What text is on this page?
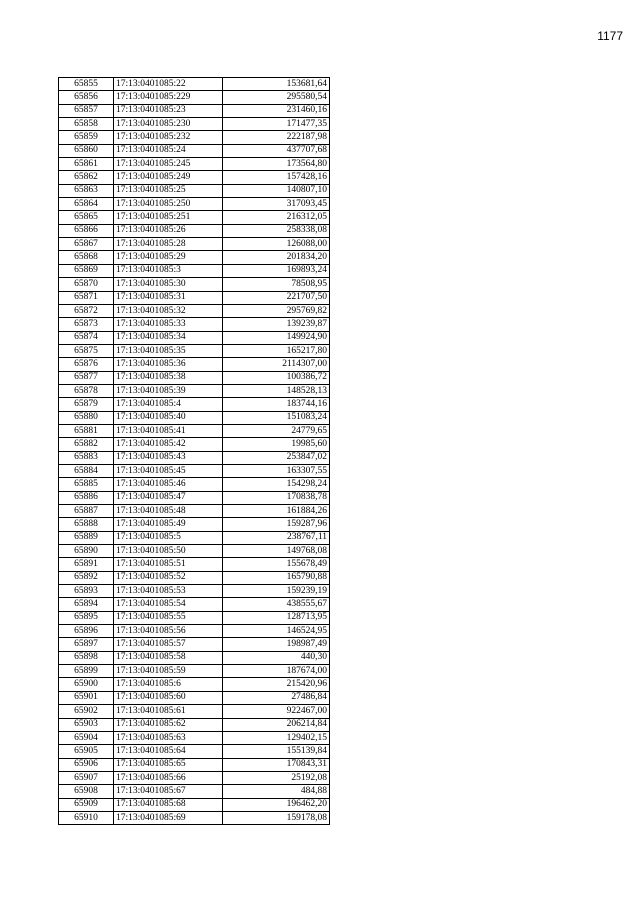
1177
65855	17:13:0401085:22	153681,64
65856	17:13:0401085:229	295580,54
65857	17:13:0401085:23	231460,16
65858	17:13:0401085:230	171477,35
65859	17:13:0401085:232	222187,98
65860	17:13:0401085:24	437707,68
65861	17:13:0401085:245	173564,80
65862	17:13:0401085:249	157428,16
65863	17:13:0401085:25	140807,10
65864	17:13:0401085:250	317093,45
65865	17:13:0401085:251	216312,05
65866	17:13:0401085:26	258338,08
65867	17:13:0401085:28	126088,00
65868	17:13:0401085:29	201834,20
65869	17:13:0401085:3	169893,24
65870	17:13:0401085:30	78508,95
65871	17:13:0401085:31	221707,50
65872	17:13:0401085:32	295769,82
65873	17:13:0401085:33	139239,87
65874	17:13:0401085:34	149924,90
65875	17:13:0401085:35	165217,80
65876	17:13:0401085:36	2114307,00
65877	17:13:0401085:38	100386,72
65878	17:13:0401085:39	148528,13
65879	17:13:0401085:4	183744,16
65880	17:13:0401085:40	151083,24
65881	17:13:0401085:41	24779,65
65882	17:13:0401085:42	19985,60
65883	17:13:0401085:43	253847,02
65884	17:13:0401085:45	163307,55
65885	17:13:0401085:46	154298,24
65886	17:13:0401085:47	170838,78
65887	17:13:0401085:48	161884,26
65888	17:13:0401085:49	159287,96
65889	17:13:0401085:5	238767,11
65890	17:13:0401085:50	149768,08
65891	17:13:0401085:51	155678,49
65892	17:13:0401085:52	165790,88
65893	17:13:0401085:53	159239,19
65894	17:13:0401085:54	438555,67
65895	17:13:0401085:55	128713,95
65896	17:13:0401085:56	146524,95
65897	17:13:0401085:57	198987,49
65898	17:13:0401085:58	440,30
65899	17:13:0401085:59	187674,00
65900	17:13:0401085:6	215420,96
65901	17:13:0401085:60	27486,84
65902	17:13:0401085:61	922467,00
65903	17:13:0401085:62	206214,84
65904	17:13:0401085:63	129402,15
65905	17:13:0401085:64	155139,84
65906	17:13:0401085:65	170843,31
65907	17:13:0401085:66	25192,08
65908	17:13:0401085:67	484,88
65909	17:13:0401085:68	196462,20
65910	17:13:0401085:69	159178,08
